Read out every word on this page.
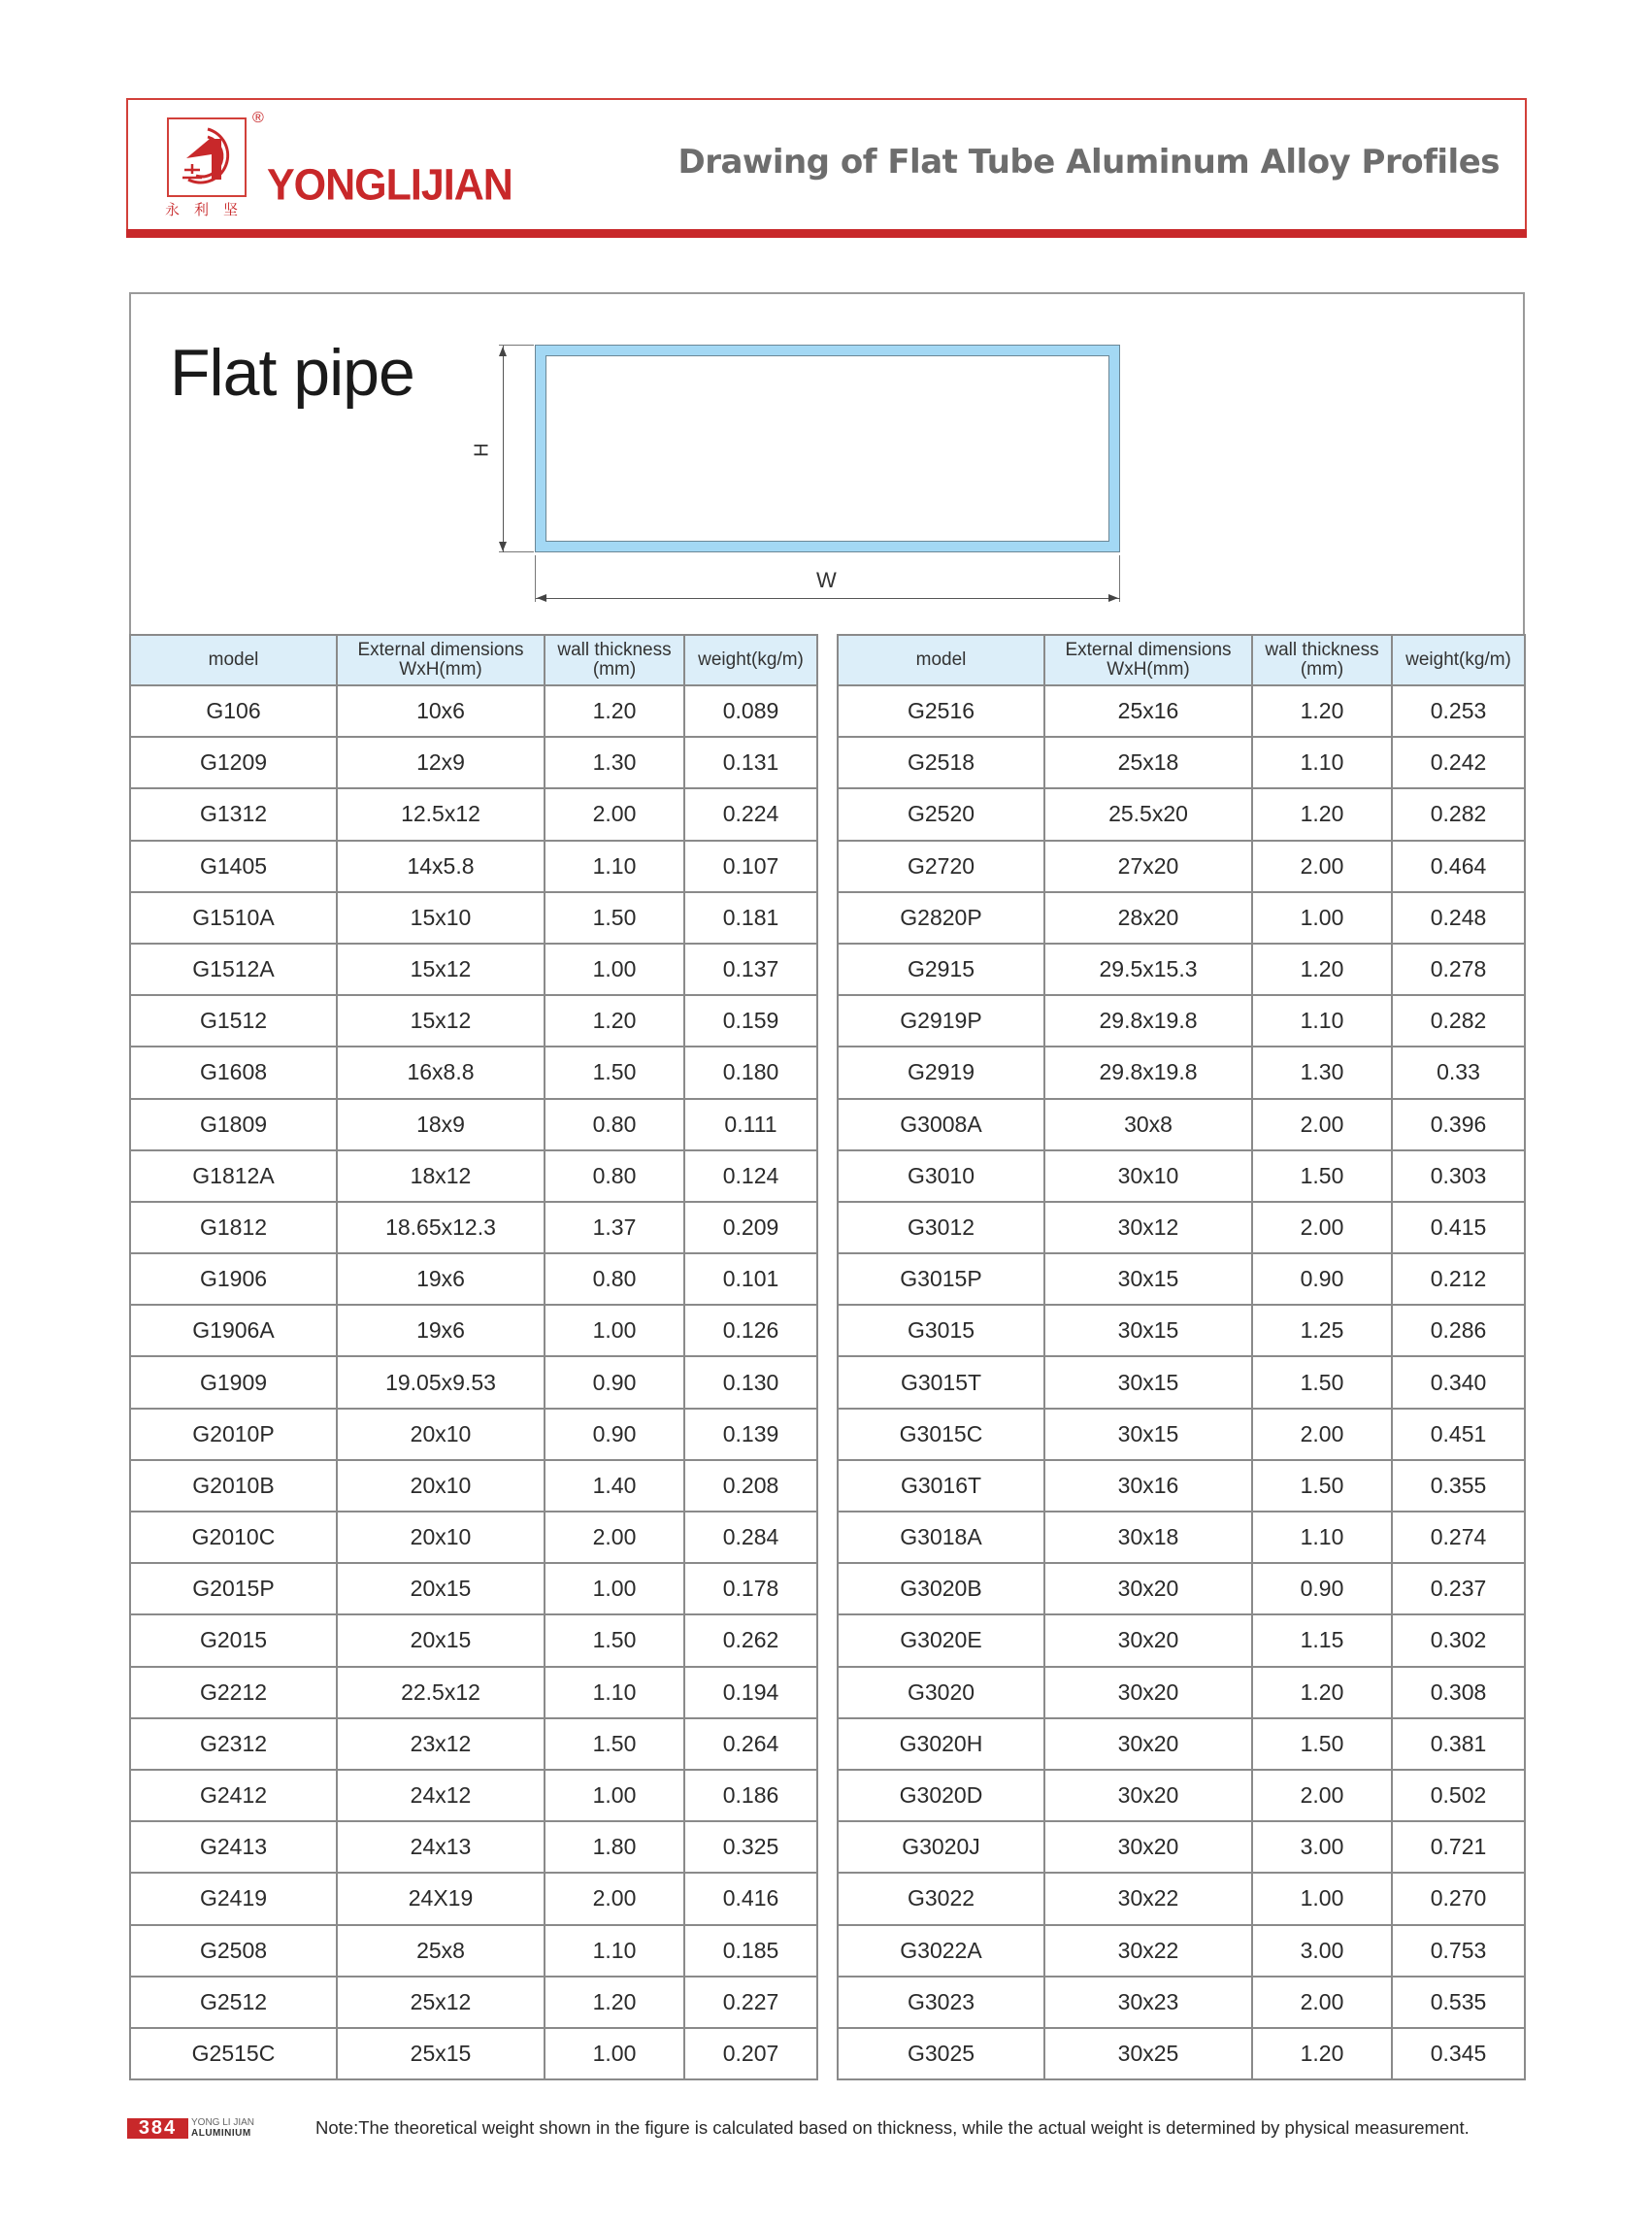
®
永利坚 YONGLIJIAN	Drawing of Flat Tube Aluminum Alloy Profiles
Flat pipe
H
W
model	External dimensions
WxH(mm)

wall thickness
(mm)	weight(kg/m)

G106	10x6	1.20	0.089
G1209	12x9	1.30	0.131
G1312	12.5x12	2.00	0.224
G1405	14x5.8	1.10	0.107
G1510A	15x10	1.50	0.181
G1512A	15x12	1.00	0.137
G1512	15x12	1.20	0.159
G1608	16x8.8	1.50	0.180
G1809	18x9	0.80	0.111
G1812A	18x12	0.80	0.124
G1812	18.65x12.3	1.37	0.209
G1906	19x6	0.80	0.101
G1906A	19x6	1.00	0.126
G1909	19.05x9.53	0.90	0.130
G2010P	20x10	0.90	0.139
G2010B	20x10	1.40	0.208
G2010C	20x10	2.00	0.284
G2015P	20x15	1.00	0.178
G2015	20x15	1.50	0.262
G2212	22.5x12	1.10	0.194
G2312	23x12	1.50	0.264
G2412	24x12	1.00	0.186
G2413	24x13	1.80	0.325
G2419	24X19	2.00	0.416
G2508	25x8	1.10	0.185
G2512	25x12	1.20	0.227
G2515C	25x15	1.00	0.207
model	External dimensions
WxH(mm)

wall thickness
(mm)	weight(kg/m)

G2516	25x16	1.20	0.253
G2518	25x18	1.10	0.242
G2520	25.5x20	1.20	0.282
G2720	27x20	2.00	0.464
G2820P	28x20	1.00	0.248
G2915	29.5x15.3	1.20	0.278
G2919P	29.8x19.8	1.10	0.282
G2919	29.8x19.8	1.30	0.33
G3008A	30x8	2.00	0.396
G3010	30x10	1.50	0.303
G3012	30x12	2.00	0.415
G3015P	30x15	0.90	0.212
G3015	30x15	1.25	0.286
G3015T	30x15	1.50	0.340
G3015C	30x15	2.00	0.451
G3016T	30x16	1.50	0.355
G3018A	30x18	1.10	0.274
G3020B	30x20	0.90	0.237
G3020E	30x20	1.15	0.302
G3020	30x20	1.20	0.308
G3020H	30x20	1.50	0.381
G3020D	30x20	2.00	0.502
G3020J	30x20	3.00	0.721
G3022	30x22	1.00	0.270
G3022A	30x22	3.00	0.753
G3023	30x23	2.00	0.535
G3025	30x25	1.20	0.345
384	YONG LI JIAN
ALUMINIUM	Note:The theoretical weight shown in the figure is calculated based on thickness, while the actual weight is determined by physical measurement.
